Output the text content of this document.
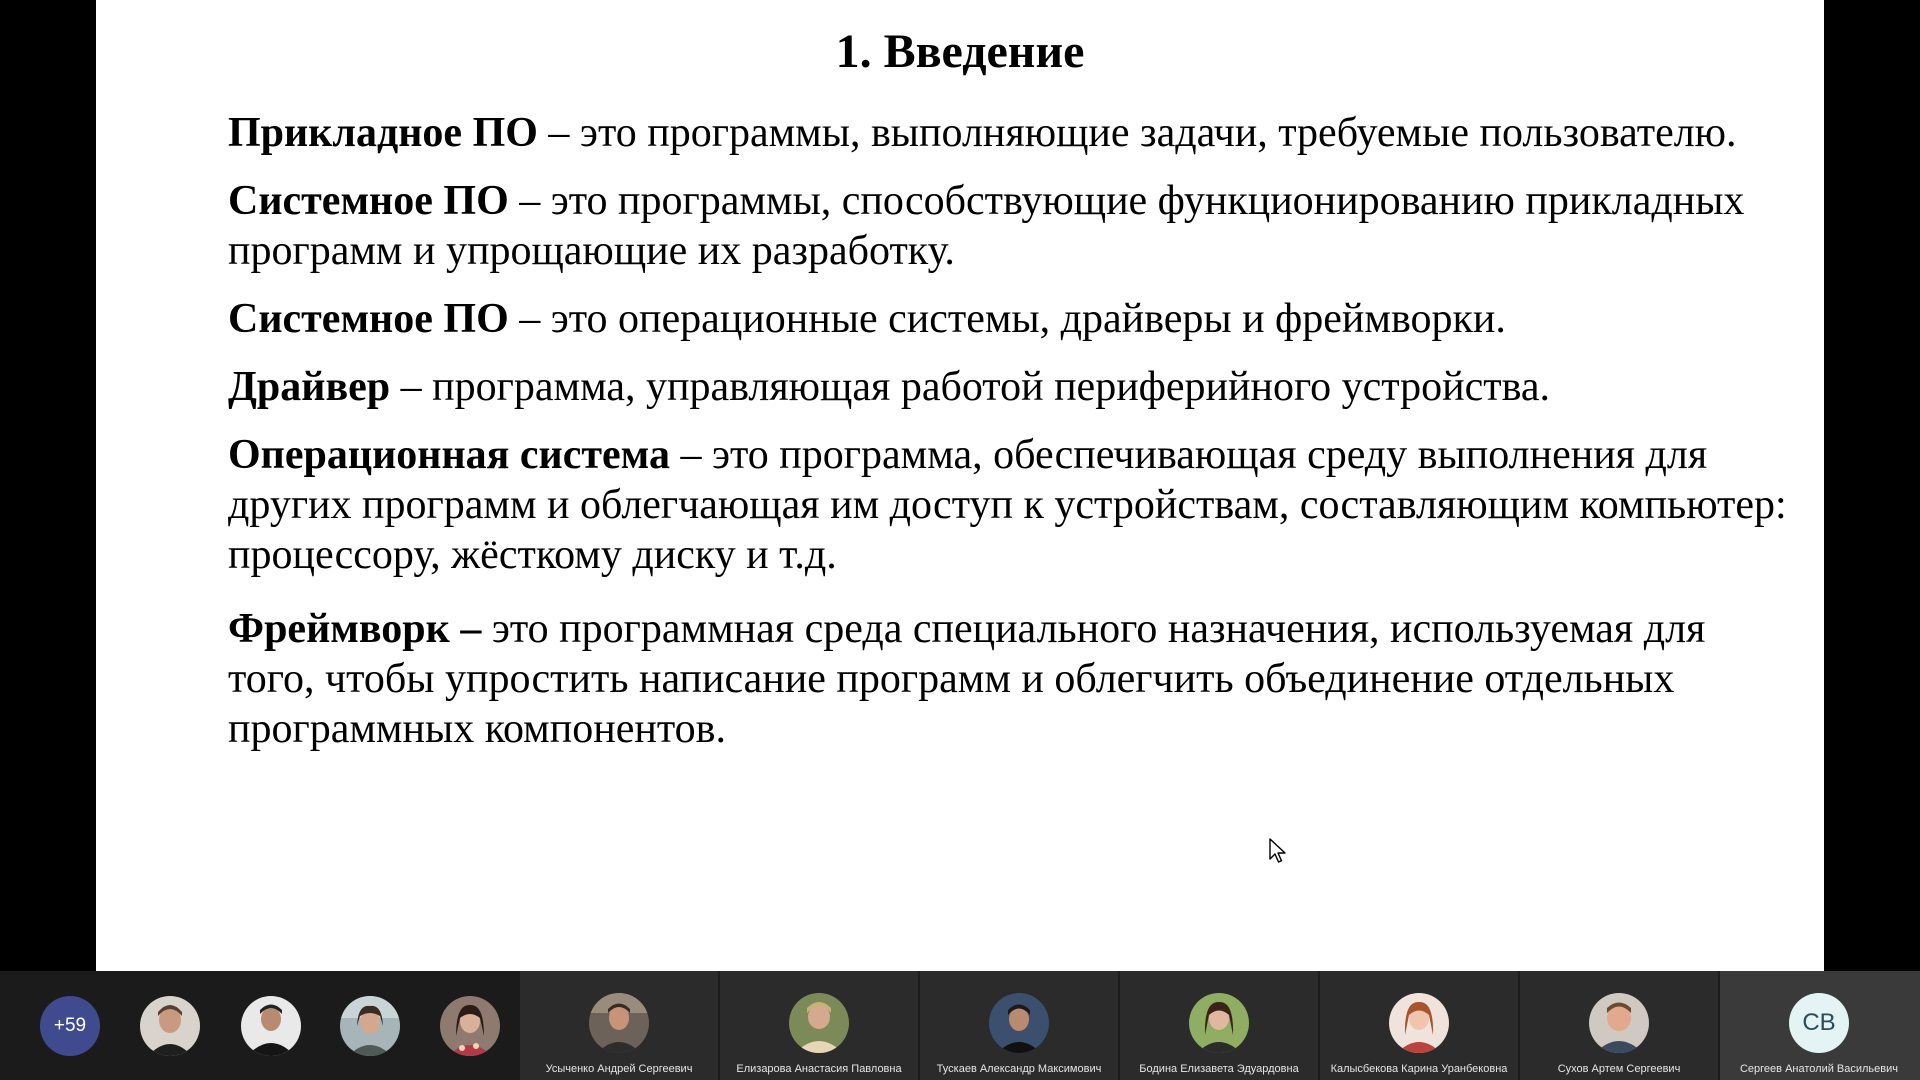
1. Введение
Прикладное ПО – это программы, выполняющие задачи, требуемые пользователю.
Системное ПО – это программы, способствующие функционированию прикладных программ и упрощающие их разработку.
Системное ПО – это операционные системы, драйверы и фреймворки.
Драйвер – программа, управляющая работой периферийного устройства.
Операционная система – это программа, обеспечивающая среду выполнения для других программ и облегчающая им доступ к устройствам, составляющим компьютер: процессору, жёсткому диску и т.д.
Фреймворк – это программная среда специального назначения, используемая для того, чтобы упростить написание программ и облегчить объединение отдельных программных компонентов.
+59
Усыченко Андрей Сергеевич	Елизарова Анастасия Павловна	Тускаев Александр Максимович	Бодина Елизавета Эдуардовна	Калысбекова Карина Уранбековна	Сухов Артем Сергеевич
СВ
Сергеев Анатолий Васильевич
